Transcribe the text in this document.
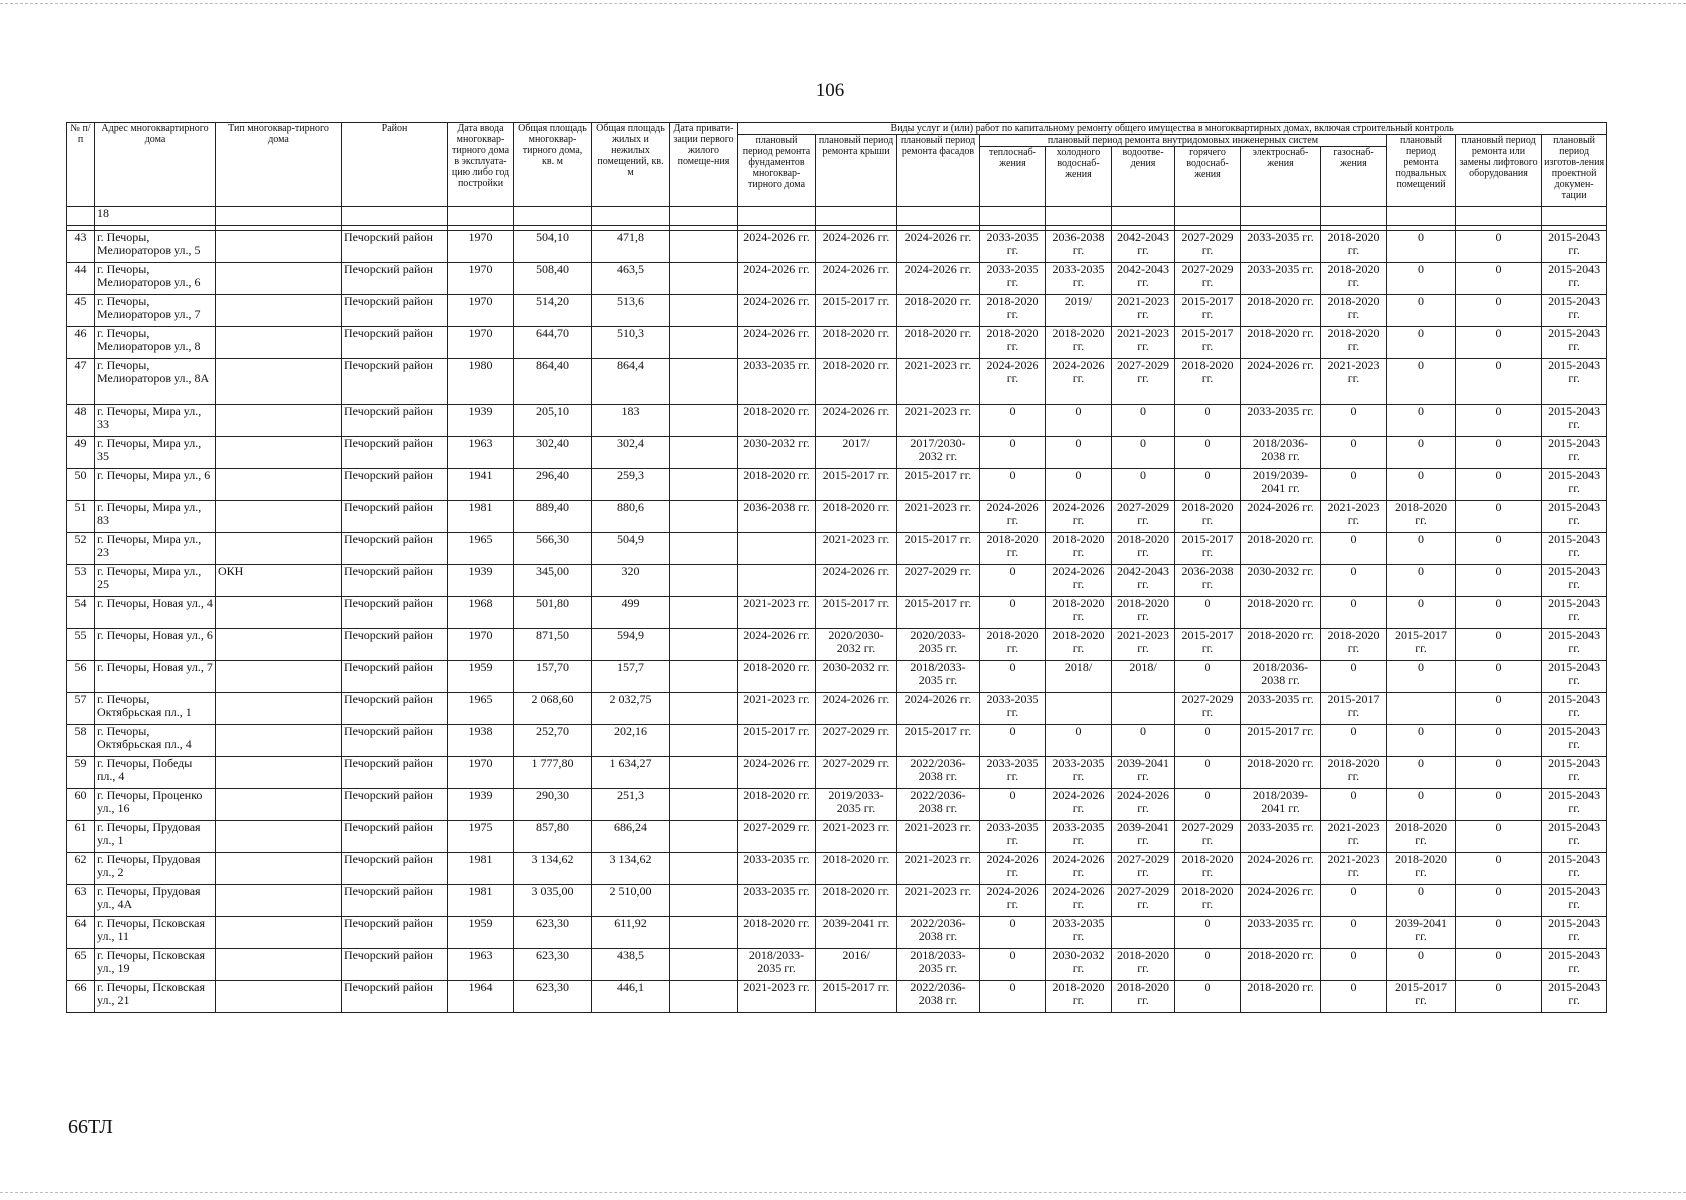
106
№ п/п	Адрес многоквартирного дома	Тип многоквар-тирного дома	Район	Дата ввода многоквар-тирного дома в эксплуата-цию либо год постройки	Общая площадь многоквар-тирного дома, кв. м	Общая площадь жилых и нежилых помещений, кв. м	Дата привати-зации первого жилого помеще-ния	Виды услуг и (или) работ по капитальному ремонту общего имущества в многоквартирных домах, включая строительный контроль											
								плановый период ремонта фундаментов многоквар-тирного дома	плановый период ремонта крыши	плановый период ремонта фасадов	плановый период ремонта внутридомовых инженерных систем						плановый период ремонта подвальных помещений	плановый период ремонта или замены лифтового оборудования	плановый период изготов-ления проектной докумен-тации
											теплоснаб-жения	холодного водоснаб-жения	водоотве-дения	горячего водоснаб-жения	электроснаб-жения	газоснаб-жения			
	18																		

43	г. Печоры, Мелиораторов ул., 5		Печорский район	1970	504,10	471,8		2024-2026 гг.	2024-2026 гг.	2024-2026 гг.	2033-2035 гг.	2036-2038 гг.	2042-2043 гг.	2027-2029 гг.	2033-2035 гг.	2018-2020 гг.	0	0	2015-2043 гг.
44	г. Печоры, Мелиораторов ул., 6		Печорский район	1970	508,40	463,5		2024-2026 гг.	2024-2026 гг.	2024-2026 гг.	2033-2035 гг.	2033-2035 гг.	2042-2043 гг.	2027-2029 гг.	2033-2035 гг.	2018-2020 гг.	0	0	2015-2043 гг.
45	г. Печоры, Мелиораторов ул., 7		Печорский район	1970	514,20	513,6		2024-2026 гг.	2015-2017 гг.	2018-2020 гг.	2018-2020 гг.	2019/	2021-2023 гг.	2015-2017 гг.	2018-2020 гг.	2018-2020 гг.	0	0	2015-2043 гг.
46	г. Печоры, Мелиораторов ул., 8		Печорский район	1970	644,70	510,3		2024-2026 гг.	2018-2020 гг.	2018-2020 гг.	2018-2020 гг.	2018-2020 гг.	2021-2023 гг.	2015-2017 гг.	2018-2020 гг.	2018-2020 гг.	0	0	2015-2043 гг.
47	г. Печоры, Мелиораторов ул., 8А		Печорский район	1980	864,40	864,4		2033-2035 гг.	2018-2020 гг.	2021-2023 гг.	2024-2026 гг.	2024-2026 гг.	2027-2029 гг.	2018-2020 гг.	2024-2026 гг.	2021-2023 гг.	0	0	2015-2043 гг.
48	г. Печоры, Мира ул., 33		Печорский район	1939	205,10	183		2018-2020 гг.	2024-2026 гг.	2021-2023 гг.	0	0	0	0	2033-2035 гг.	0	0	0	2015-2043 гг.
49	г. Печоры, Мира ул., 35		Печорский район	1963	302,40	302,4		2030-2032 гг.	2017/	2017/2030-2032 гг.	0	0	0	0	2018/2036-2038 гг.	0	0	0	2015-2043 гг.
50	г. Печоры, Мира ул., 6		Печорский район	1941	296,40	259,3		2018-2020 гг.	2015-2017 гг.	2015-2017 гг.	0	0	0	0	2019/2039-2041 гг.	0	0	0	2015-2043 гг.
51	г. Печоры, Мира ул., 83		Печорский район	1981	889,40	880,6		2036-2038 гг.	2018-2020 гг.	2021-2023 гг.	2024-2026 гг.	2024-2026 гг.	2027-2029 гг.	2018-2020 гг.	2024-2026 гг.	2021-2023 гг.	2018-2020 гг.	0	2015-2043 гг.
52	г. Печоры, Мира ул., 23		Печорский район	1965	566,30	504,9			2021-2023 гг.	2015-2017 гг.	2018-2020 гг.	2018-2020 гг.	2018-2020 гг.	2015-2017 гг.	2018-2020 гг.	0	0	0	2015-2043 гг.
53	г. Печоры, Мира ул., 25	ОКН	Печорский район	1939	345,00	320			2024-2026 гг.	2027-2029 гг.	0	2024-2026 гг.	2042-2043 гг.	2036-2038 гг.	2030-2032 гг.	0	0	0	2015-2043 гг.
54	г. Печоры, Новая ул., 4		Печорский район	1968	501,80	499		2021-2023 гг.	2015-2017 гг.	2015-2017 гг.	0	2018-2020 гг.	2018-2020 гг.	0	2018-2020 гг.	0	0	0	2015-2043 гг.
55	г. Печоры, Новая ул., 6		Печорский район	1970	871,50	594,9		2024-2026 гг.	2020/2030-2032 гг.	2020/2033-2035 гг.	2018-2020 гг.	2018-2020 гг.	2021-2023 гг.	2015-2017 гг.	2018-2020 гг.	2018-2020 гг.	2015-2017 гг.	0	2015-2043 гг.
56	г. Печоры, Новая ул., 7		Печорский район	1959	157,70	157,7		2018-2020 гг.	2030-2032 гг.	2018/2033-2035 гг.	0	2018/	2018/	0	2018/2036-2038 гг.	0	0	0	2015-2043 гг.
57	г. Печоры, Октябрьская пл., 1		Печорский район	1965	2 068,60	2 032,75		2021-2023 гг.	2024-2026 гг.	2024-2026 гг.	2033-2035 гг.			2027-2029 гг.	2033-2035 гг.	2015-2017 гг.		0	2015-2043 гг.
58	г. Печоры, Октябрьская пл., 4		Печорский район	1938	252,70	202,16		2015-2017 гг.	2027-2029 гг.	2015-2017 гг.	0	0	0	0	2015-2017 гг.	0	0	0	2015-2043 гг.
59	г. Печоры, Победы пл., 4		Печорский район	1970	1 777,80	1 634,27		2024-2026 гг.	2027-2029 гг.	2022/2036-2038 гг.	2033-2035 гг.	2033-2035 гг.	2039-2041 гг.	0	2018-2020 гг.	2018-2020 гг.	0	0	2015-2043 гг.
60	г. Печоры, Проценко ул., 16		Печорский район	1939	290,30	251,3		2018-2020 гг.	2019/2033-2035 гг.	2022/2036-2038 гг.	0	2024-2026 гг.	2024-2026 гг.	0	2018/2039-2041 гг.	0	0	0	2015-2043 гг.
61	г. Печоры, Прудовая ул., 1		Печорский район	1975	857,80	686,24		2027-2029 гг.	2021-2023 гг.	2021-2023 гг.	2033-2035 гг.	2033-2035 гг.	2039-2041 гг.	2027-2029 гг.	2033-2035 гг.	2021-2023 гг.	2018-2020 гг.	0	2015-2043 гг.
62	г. Печоры, Прудовая ул., 2		Печорский район	1981	3 134,62	3 134,62		2033-2035 гг.	2018-2020 гг.	2021-2023 гг.	2024-2026 гг.	2024-2026 гг.	2027-2029 гг.	2018-2020 гг.	2024-2026 гг.	2021-2023 гг.	2018-2020 гг.	0	2015-2043 гг.
63	г. Печоры, Прудовая ул., 4А		Печорский район	1981	3 035,00	2 510,00		2033-2035 гг.	2018-2020 гг.	2021-2023 гг.	2024-2026 гг.	2024-2026 гг.	2027-2029 гг.	2018-2020 гг.	2024-2026 гг.	0	0	0	2015-2043 гг.
64	г. Печоры, Псковская ул., 11		Печорский район	1959	623,30	611,92		2018-2020 гг.	2039-2041 гг.	2022/2036-2038 гг.	0	2033-2035 гг.		0	2033-2035 гг.	0	2039-2041 гг.	0	2015-2043 гг.
65	г. Печоры, Псковская ул., 19		Печорский район	1963	623,30	438,5		2018/2033-2035 гг.	2016/	2018/2033-2035 гг.	0	2030-2032 гг.	2018-2020 гг.	0	2018-2020 гг.	0	0	0	2015-2043 гг.
66	г. Печоры, Псковская ул., 21		Печорский район	1964	623,30	446,1		2021-2023 гг.	2015-2017 гг.	2022/2036-2038 гг.	0	2018-2020 гг.	2018-2020 гг.	0	2018-2020 гг.	0	2015-2017 гг.	0	2015-2043 гг.
66ТЛ
